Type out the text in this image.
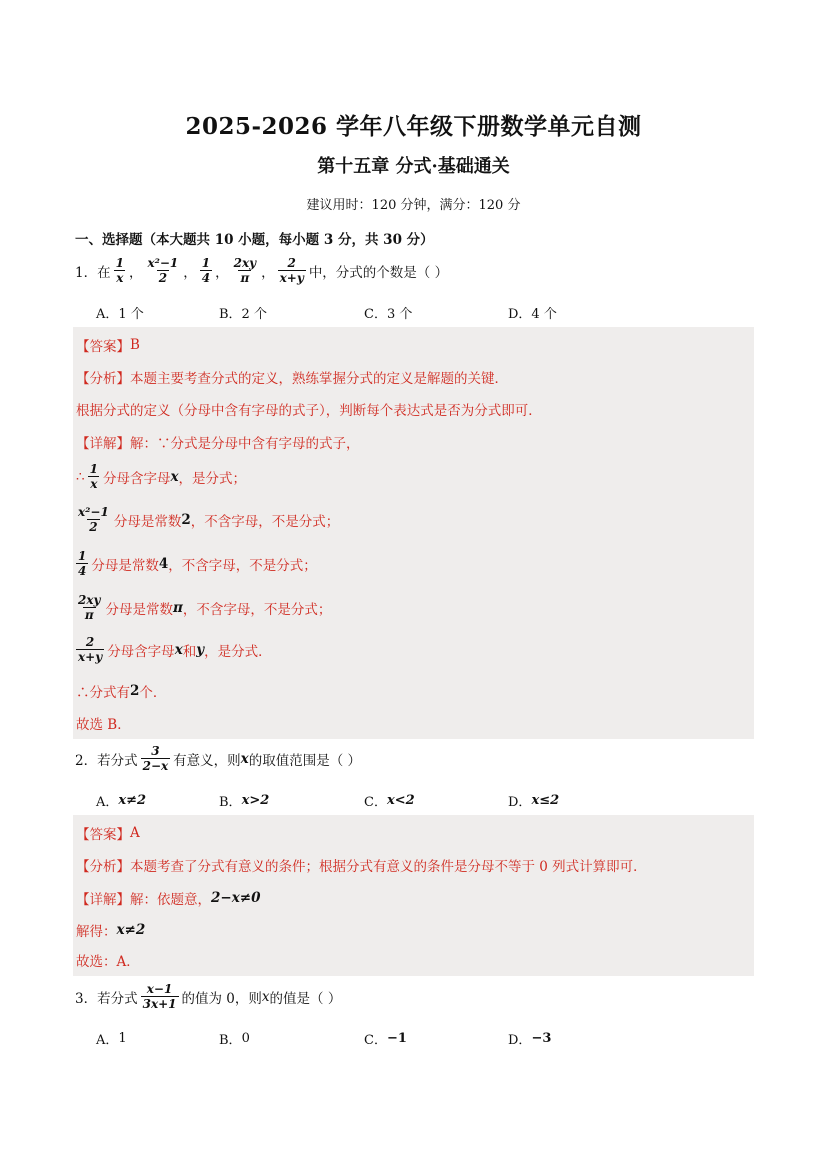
2025-2026 学年八年级下册数学单元自测
第十五章 分式·基础通关
建议用时：120 分钟，满分：120 分
一、选择题（本大题共 10 小题，每小题 3 分，共 30 分）
1．在 $\frac{1}{x}$ ， $\frac{\text{x²−1}}{2}$ ， $\frac{1}{4}$ ， $\frac{2xy}{\pi}$ ， $\frac{2}{x+y}$ 中，分式的个数是（ ）
A．1 个	B．2 个	C．3 个	D．4 个
【答案】 B
【分析】 本题主要考查分式的定义，熟练掌握分式的定义是解题的关键．
根据分式的定义（分母中含有字母的式子），判断每个表达式是否为分式即可．
【详解】 解：∵分式是分母中含有字母的式子，
∴ $\frac{1}{x}$ 分母含字母 x ，是分式；
$\frac{\text{x²−1}}{2}$ 分母是常数 2 ，不含字母，不是分式；
$\frac{1}{4}$ 分母是常数 4 ，不含字母，不是分式；
$\frac{2xy}{\pi}$ 分母是常数 π ，不含字母，不是分式；
$\frac{2}{x+y}$ 分母含字母 x 和 y ，是分式．
∴分式有 2 个．
故选 B．
2．若分式 $\frac{3}{2-x}$ 有意义，则 x 的取值范围是（ ）
A． x≠2	B． x>2	C． x<2	D． x≤2
【答案】 A
【分析】 本题考查了分式有意义的条件；根据分式有意义的条件是分母不等于 0 列式计算即可．
【详解】 解：依题意， 2−x≠0
解得： x≠2
故选：A．
3．若分式 $\frac{x-1}{3x+1}$ 的值为 0，则 x 的值是（ ）
A． 1	B． 0	C． −1	D． −3
